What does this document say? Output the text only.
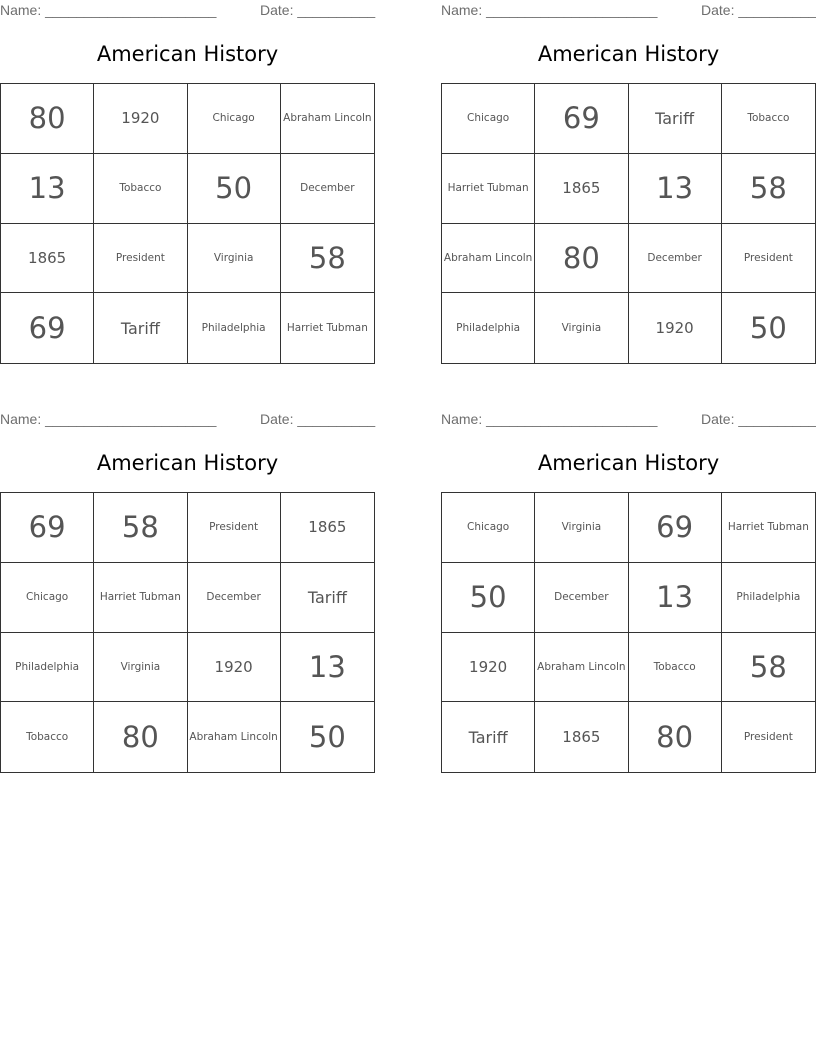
Name: ______________________	Date: __________
American History
80	1920	Chicago	Abraham Lincoln
13	Tobacco	50	December
1865	President	Virginia	58
69	Tariff	Philadelphia	Harriet Tubman
Name: ______________________	Date: __________
American History
Chicago	69	Tariff	Tobacco
Harriet Tubman	1865	13	58
Abraham Lincoln	80	December	President
Philadelphia	Virginia	1920	50
Name: ______________________	Date: __________
American History
69	58	President	1865
Chicago	Harriet Tubman	December	Tariff
Philadelphia	Virginia	1920	13
Tobacco	80	Abraham Lincoln	50
Name: ______________________	Date: __________
American History
Chicago	Virginia	69	Harriet Tubman
50	December	13	Philadelphia
1920	Abraham Lincoln	Tobacco	58
Tariff	1865	80	President
